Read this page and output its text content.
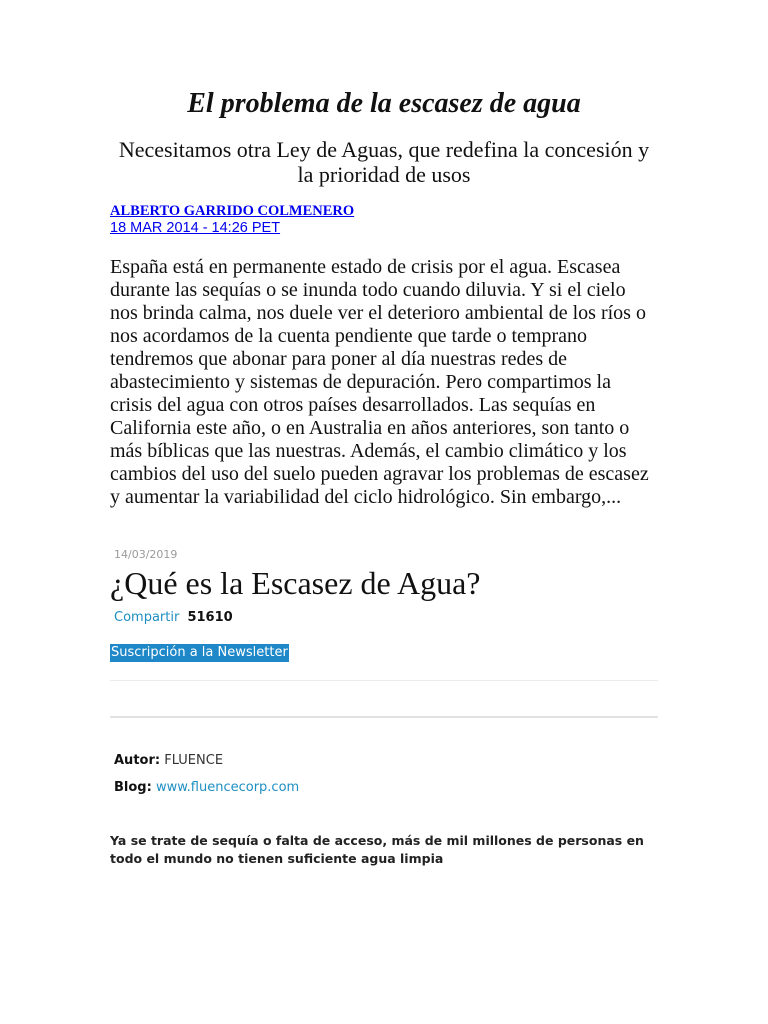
El problema de la escasez de agua
Necesitamos otra Ley de Aguas, que redefina la concesión y la prioridad de usos
ALBERTO GARRIDO COLMENERO
18 MAR 2014 - 14:26 PET

España está en permanente estado de crisis por el agua. Escasea durante las sequías o se inunda todo cuando diluvia. Y si el cielo nos brinda calma, nos duele ver el deterioro ambiental de los ríos o nos acordamos de la cuenta pendiente que tarde o temprano tendremos que abonar para poner al día nuestras redes de abastecimiento y sistemas de depuración. Pero compartimos la crisis del agua con otros países desarrollados. Las sequías en California este año, o en Australia en años anteriores, son tanto o más bíblicas que las nuestras. Además, el cambio climático y los cambios del uso del suelo pueden agravar los problemas de escasez y aumentar la variabilidad del ciclo hidrológico. Sin embargo,...

14/03/2019
¿Qué es la Escasez de Agua?
Compartir 51610
Suscripción a la Newsletter
Autor: FLUENCE
Blog: www.fluencecorp.com

Ya se trate de sequía o falta de acceso, más de mil millones de personas en todo el mundo no tienen suficiente agua limpia
